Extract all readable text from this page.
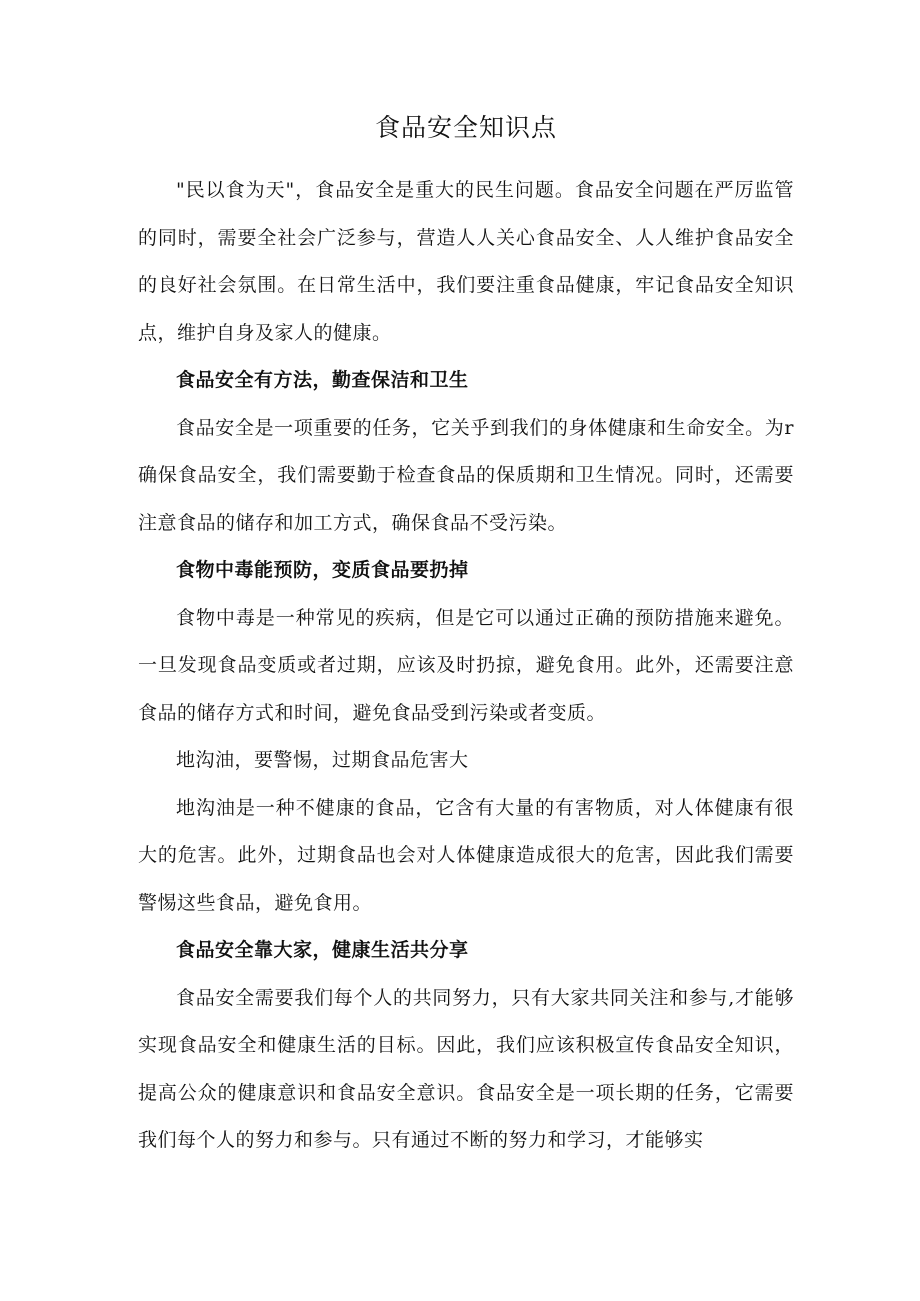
食品安全知识点

"民以食为天"，食品安全是重大的民生问题。食品安全问题在严厉监管的同时，需要全社会广泛参与，营造人人关心食品安全、人人维护食品安全的良好社会氛围。在日常生活中，我们要注重食品健康，牢记食品安全知识点，维护自身及家人的健康。

食品安全有方法，勤查保洁和卫生

食品安全是一项重要的任务，它关乎到我们的身体健康和生命安全。为r确保食品安全，我们需要勤于检查食品的保质期和卫生情况。同时，还需要注意食品的储存和加工方式，确保食品不受污染。

食物中毒能预防，变质食品要扔掉

食物中毒是一种常见的疾病，但是它可以通过正确的预防措施来避免。一旦发现食品变质或者过期，应该及时扔掠，避免食用。此外，还需要注意食品的储存方式和时间，避免食品受到污染或者变质。

地沟油，要警惕，过期食品危害大

地沟油是一种不健康的食品，它含有大量的有害物质，对人体健康有很大的危害。此外，过期食品也会对人体健康造成很大的危害，因此我们需要警惕这些食品，避免食用。

食品安全靠大家，健康生活共分享

食品安全需要我们每个人的共同努力，只有大家共同关注和参与,才能够实现食品安全和健康生活的目标。因此，我们应该积极宣传食品安全知识，提高公众的健康意识和食品安全意识。食品安全是一项长期的任务，它需要我们每个人的努力和参与。只有通过不断的努力和学习，才能够实
